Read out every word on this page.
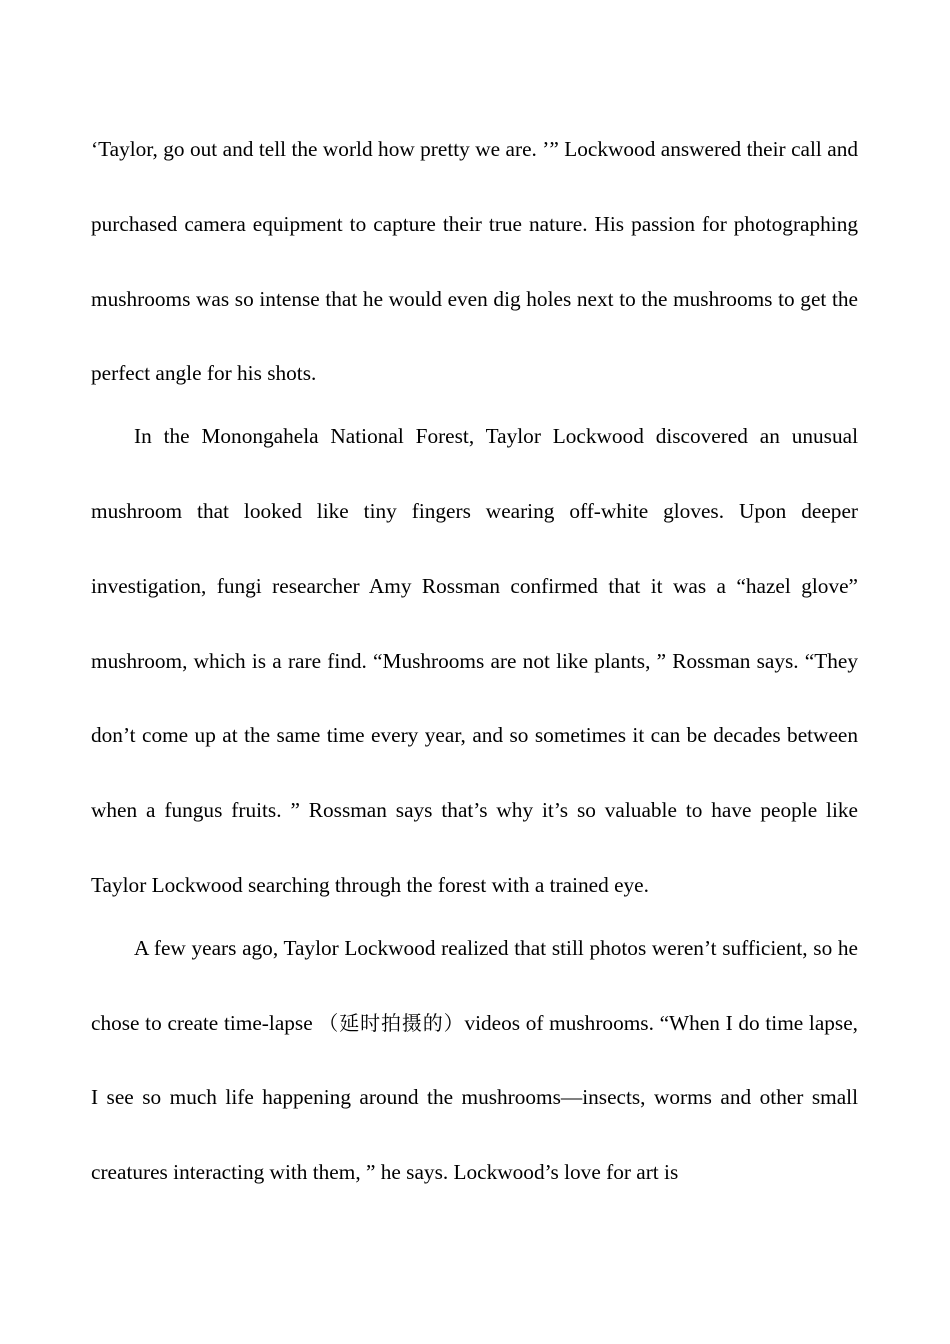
‘Taylor, go out and tell the world how pretty we are. ’” Lockwood answered their call and purchased camera equipment to capture their true nature. His passion for photographing mushrooms was so intense that he would even dig holes next to the mushrooms to get the perfect angle for his shots.

In the Monongahela National Forest, Taylor Lockwood discovered an unusual mushroom that looked like tiny fingers wearing off-white gloves. Upon deeper investigation, fungi researcher Amy Rossman confirmed that it was a “hazel glove” mushroom, which is a rare find. “Mushrooms are not like plants, ” Rossman says. “They don’t come up at the same time every year, and so sometimes it can be decades between when a fungus fruits. ” Rossman says that’s why it’s so valuable to have people like Taylor Lockwood searching through the forest with a trained eye.

A few years ago, Taylor Lockwood realized that still photos weren’t sufficient, so he chose to create time-lapse （延时拍摄的）videos of mushrooms. “When I do time lapse, I see so much life happening around the mushrooms—insects, worms and other small creatures interacting with them, ” he says. Lockwood’s love for art is
